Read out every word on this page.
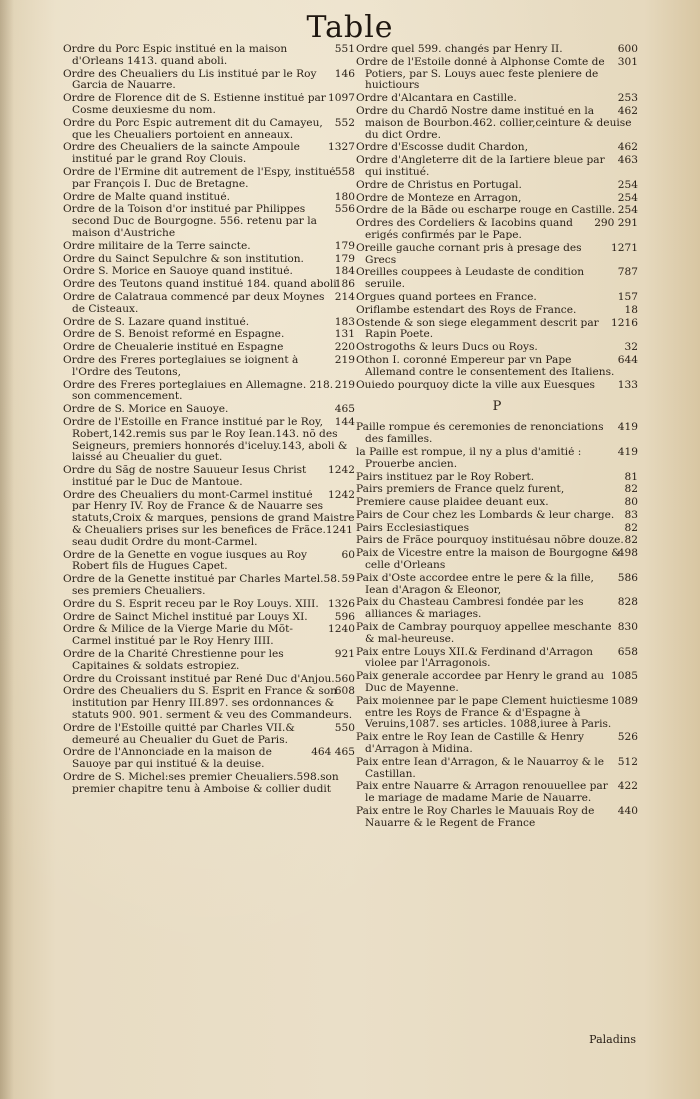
Table
551
Ordre du Porc Espic institué en la maison d'Orleans 1413. quand aboli.
146
Ordre des Cheualiers du Lis institué par le Roy Garcia de Nauarre.
1097
Ordre de Florence dit de S. Estienne institué par Cosme deuxiesme du nom.
552
Ordre du Porc Espic autrement dit du Camayeu, que les Cheualiers portoient en anneaux.
1327
Ordre des Cheualiers de la saincte Ampoule institué par le grand Roy Clouis.
558
Ordre de l'Ermine dit autrement de l'Espy, institué par François I. Duc de Bretagne.
180
Ordre de Malte quand institué.
556
Ordre de la Toison d'or institué par Philippes second Duc de Bourgogne. 556. retenu par la maison d'Austriche
179
Ordre militaire de la Terre saincte.
179
Ordre du Sainct Sepulchre & son institution.
184
Ordre S. Morice en Sauoye quand institué.
186
Ordre des Teutons quand institué 184. quand aboli
214
Ordre de Calatraua commencé par deux Moynes de Cisteaux.
183
Ordre de S. Lazare quand institué.
131
Ordre de S. Benoist reformé en Espagne.
220
Ordre de Cheualerie institué en Espagne
219
Ordre des Freres porteglaiues se ioignent à l'Ordre des Teutons,
219
Ordre des Freres porteglaiues en Allemagne. 218. son commencement.
465
Ordre de S. Morice en Sauoye.
144
Ordre de l'Estoille en France institué par le Roy, Robert,142.remis sus par le Roy Iean.143. nõ des Seigneurs, premiers honnorés d'iceluy.143, aboli & laissé au Cheualier du guet.
1242
Ordre du Sãg de nostre Sauueur Iesus Christ institué par le Duc de Mantoue.
1242
Ordre des Cheualiers du mont-Carmel institué par Henry IV. Roy de France & de Nauarre ses statuts,Croix & marques, pensions de grand Maistre & Cheualiers prises sur les benefices de Frãce.1241 seau dudit Ordre du mont-Carmel.
60
Ordre de la Genette en vogue iusques au Roy Robert fils de Hugues Capet.
59
Ordre de la Genette institué par Charles Martel.58. ses premiers Cheualiers.
1326
Ordre du S. Esprit receu par le Roy Louys. XIII.
596
Ordre de Sainct Michel institué par Louys XI.
1240
Ordre & Milice de la Vierge Marie du Mõt-Carmel institué par le Roy Henry IIII.
921
Ordre de la Charité Chrestienne pour les Capitaines & soldats estropiez.
560
Ordre du Croissant institué par René Duc d'Anjou.
608
Ordre des Cheualiers du S. Esprit en France & son institution par Henry III.897. ses ordonnances & statuts 900. 901. serment & veu des Commandeurs.
550
Ordre de l'Estoille quitté par Charles VII.& demeuré au Cheualier du Guet de Paris.
464 465
Ordre de l'Annonciade en la maison de Sauoye par qui institué & la deuise.
Ordre de S. Michel:ses premier Cheualiers.598.son premier chapitre tenu à Amboise & collier dudit
600
Ordre quel 599. changés par Henry II.
301
Ordre de l'Estoile donné à Alphonse Comte de Potiers, par S. Louys auec feste pleniere de huictiours
253
Ordre d'Alcantara en Castille.
462
Ordre du Chardõ Nostre dame institué en la maison de Bourbon.462. collier,ceinture & deuise du dict Ordre.
462
Ordre d'Escosse dudit Chardon,
463
Ordre d'Angleterre dit de la Iartiere bleue par qui institué.
254
Ordre de Christus en Portugal.
254
Ordre de Monteze en Arragon,
254
Ordre de la Bãde ou escharpe rouge en Castille.
290 291
Ordres des Cordeliers & Iacobins quand erigés confirmés par le Pape.
1271
Oreille gauche cornant pris à presage des Grecs
787
Oreilles couppees à Leudaste de condition seruile.
157
Orgues quand portees en France.
18
Oriflambe estendart des Roys de France.
1216
Ostende & son siege elegamment descrit par Rapin Poete.
32
Ostrogoths & leurs Ducs ou Roys.
644
Othon I. coronné Empereur par vn Pape Allemand contre le consentement des Italiens.
133
Ouiedo pourquoy dicte la ville aux Euesques
P
419
Paille rompue és ceremonies de renonciations des familles.
419
la Paille est rompue, il ny a plus d'amitié : Prouerbe ancien.
81
Pairs instituez par le Roy Robert.
82
Pairs premiers de France quelz furent,
80
Premiere cause plaidee deuant eux.
83
Pairs de Cour chez les Lombards & leur charge.
82
Pairs Ecclesiastiques
82
Pairs de Frãce pourquoy instituésau nõbre douze.
498
Paix de Vicestre entre la maison de Bourgogne & celle d'Orleans
586
Paix d'Oste accordee entre le pere & la fille, Iean d'Aragon & Eleonor,
828
Paix du Chasteau Cambresi fondée par les alliances & mariages.
830
Paix de Cambray pourquoy appellee meschante & mal-heureuse.
658
Paix entre Louys XII.& Ferdinand d'Arragon violee par l'Arragonois.
1085
Paix generale accordee par Henry le grand au Duc de Mayenne.
1089
Paix moiennee par le pape Clement huictiesme entre les Roys de France & d'Espagne à Veruins,1087. ses articles. 1088,iuree à Paris.
526
Paix entre le Roy Iean de Castille & Henry d'Arragon à Midina.
512
Paix entre Iean d'Arragon, & le Nauarroy & le Castillan.
422
Paix entre Nauarre & Arragon renouuellee par le mariage de madame Marie de Nauarre.
440
Paix entre le Roy Charles le Mauuais Roy de Nauarre & le Regent de France
Paladins
